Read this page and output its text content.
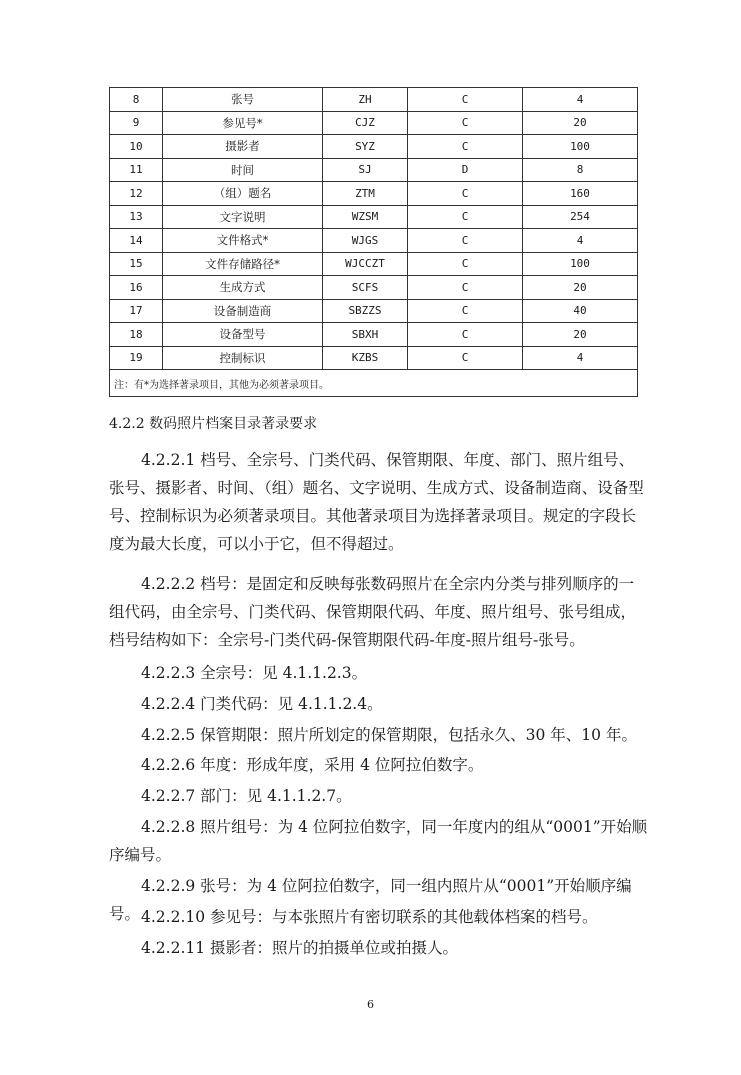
8	张号	ZH	C	4
9	参见号*	CJZ	C	20
10	摄影者	SYZ	C	100
11	时间	SJ	D	8
12	（组）题名	ZTM	C	160
13	文字说明	WZSM	C	254
14	文件格式*	WJGS	C	4
15	文件存储路径*	WJCCZT	C	100
16	生成方式	SCFS	C	20
17	设备制造商	SBZZS	C	40
18	设备型号	SBXH	C	20
19	控制标识	KZBS	C	4
注：有*为选择著录项目，其他为必须著录项目。				
4.2.2 数码照片档案目录著录要求
4.2.2.1 档号、全宗号、门类代码、保管期限、年度、部门、照片组号、张号、摄影者、时间、（组）题名、文字说明、生成方式、设备制造商、设备型号、控制标识为必须著录项目。其他著录项目为选择著录项目。规定的字段长度为最大长度，可以小于它，但不得超过。
4.2.2.2 档号：是固定和反映每张数码照片在全宗内分类与排列顺序的一组代码，由全宗号、门类代码、保管期限代码、年度、照片组号、张号组成，档号结构如下：全宗号-门类代码-保管期限代码-年度-照片组号-张号。
4.2.2.3 全宗号：见 4.1.1.2.3。
4.2.2.4 门类代码：见 4.1.1.2.4。
4.2.2.5 保管期限：照片所划定的保管期限，包括永久、30 年、10 年。
4.2.2.6 年度：形成年度，采用 4 位阿拉伯数字。
4.2.2.7 部门：见 4.1.1.2.7。
4.2.2.8 照片组号：为 4 位阿拉伯数字，同一年度内的组从“0001”开始顺序编号。
4.2.2.9 张号：为 4 位阿拉伯数字，同一组内照片从“0001”开始顺序编号。 4.2.2.10 参见号：与本张照片有密切联系的其他载体档案的档号。
4.2.2.11 摄影者：照片的拍摄单位或拍摄人。
6
